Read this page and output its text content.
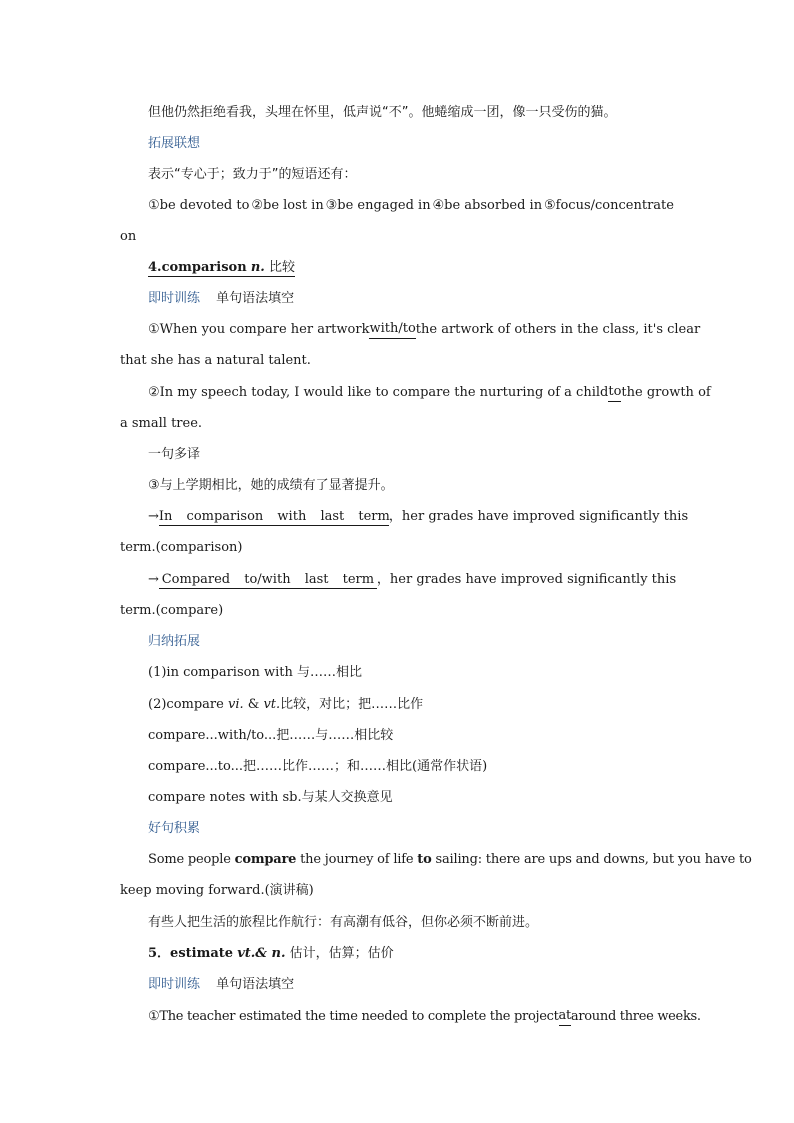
但他仍然拒绝看我，头埋在怀里，低声说“不”。他蜷缩成一团，像一只受伤的猫。
拓展联想
表示“专心于；致力于”的短语还有：
①be devoted to ②be lost in ③be engaged in ④be absorbed in ⑤focus/concentrate
on
4.comparison n. 比较
即时训练 单句语法填空
①When you compare her artwork with/to the artwork of others in the class, it's clear
that she has a natural talent.
②In my speech today, I would like to compare the nurturing of a child to the growth of
a small tree.
一句多译
③与上学期相比，她的成绩有了显著提升。
→In comparison with last term， her grades have improved significantly this
term.(comparison)
→ Compared to/with last term ， her grades have improved significantly this
term.(compare)
归纳拓展
(1)in comparison with 与……相比
(2)compare vi. & vt.比较，对比；把……比作
compare...with/to...把……与……相比较
compare...to...把……比作……；和……相比(通常作状语)
compare notes with sb.与某人交换意见
好句积累
Some people compare the journey of life to sailing: there are ups and downs, but you have to
keep moving forward.(演讲稿)
有些人把生活的旅程比作航行：有高潮有低谷，但你必须不断前进。
5．estimate vt.& n. 估计，估算；估价
即时训练 单句语法填空
①The teacher estimated the time needed to complete the project at around three weeks.
